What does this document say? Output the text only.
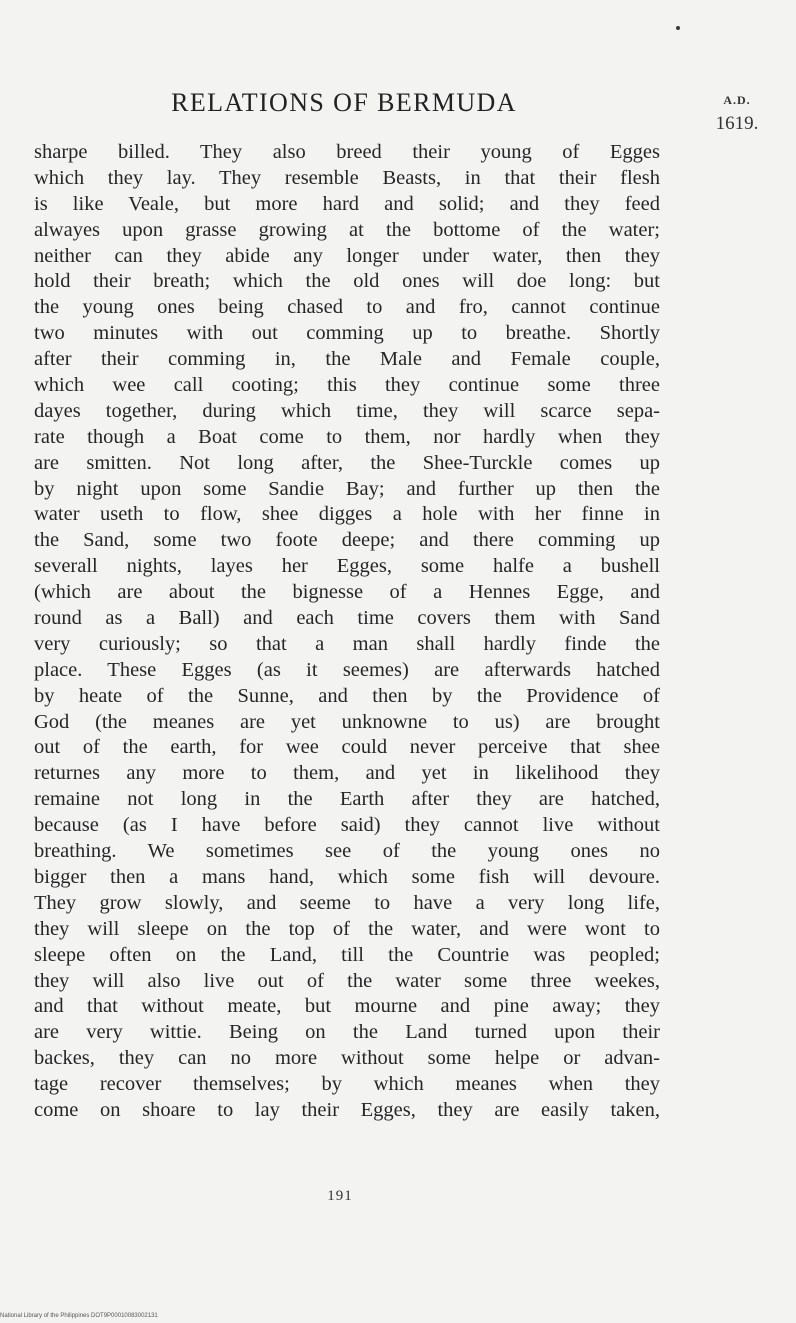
RELATIONS OF BERMUDA	A.D.
1619.
sharpe billed. They also breed their young of Egges
which they lay. They resemble Beasts, in that their flesh
is like Veale, but more hard and solid; and they feed
alwayes upon grasse growing at the bottome of the water;
neither can they abide any longer under water, then they
hold their breath; which the old ones will doe long: but
the young ones being chased to and fro, cannot continue
two minutes with out comming up to breathe. Shortly
after their comming in, the Male and Female couple,
which wee call cooting; this they continue some three
dayes together, during which time, they will scarce sepa-
rate though a Boat come to them, nor hardly when they
are smitten. Not long after, the Shee-Turckle comes up
by night upon some Sandie Bay; and further up then the
water useth to flow, shee digges a hole with her finne in
the Sand, some two foote deepe; and there comming up
severall nights, layes her Egges, some halfe a bushell
(which are about the bignesse of a Hennes Egge, and
round as a Ball) and each time covers them with Sand
very curiously; so that a man shall hardly finde the
place. These Egges (as it seemes) are afterwards hatched
by heate of the Sunne, and then by the Providence of
God (the meanes are yet unknowne to us) are brought
out of the earth, for wee could never perceive that shee
returnes any more to them, and yet in likelihood they
remaine not long in the Earth after they are hatched,
because (as I have before said) they cannot live without
breathing. We sometimes see of the young ones no
bigger then a mans hand, which some fish will devoure.
They grow slowly, and seeme to have a very long life,
they will sleepe on the top of the water, and were wont to
sleepe often on the Land, till the Countrie was peopled;
they will also live out of the water some three weekes,
and that without meate, but mourne and pine away; they
are very wittie. Being on the Land turned upon their
backes, they can no more without some helpe or advan-
tage recover themselves; by which meanes when they
come on shoare to lay their Egges, they are easily taken,
191
National Library of the Philippines DOT9P00010083002131
